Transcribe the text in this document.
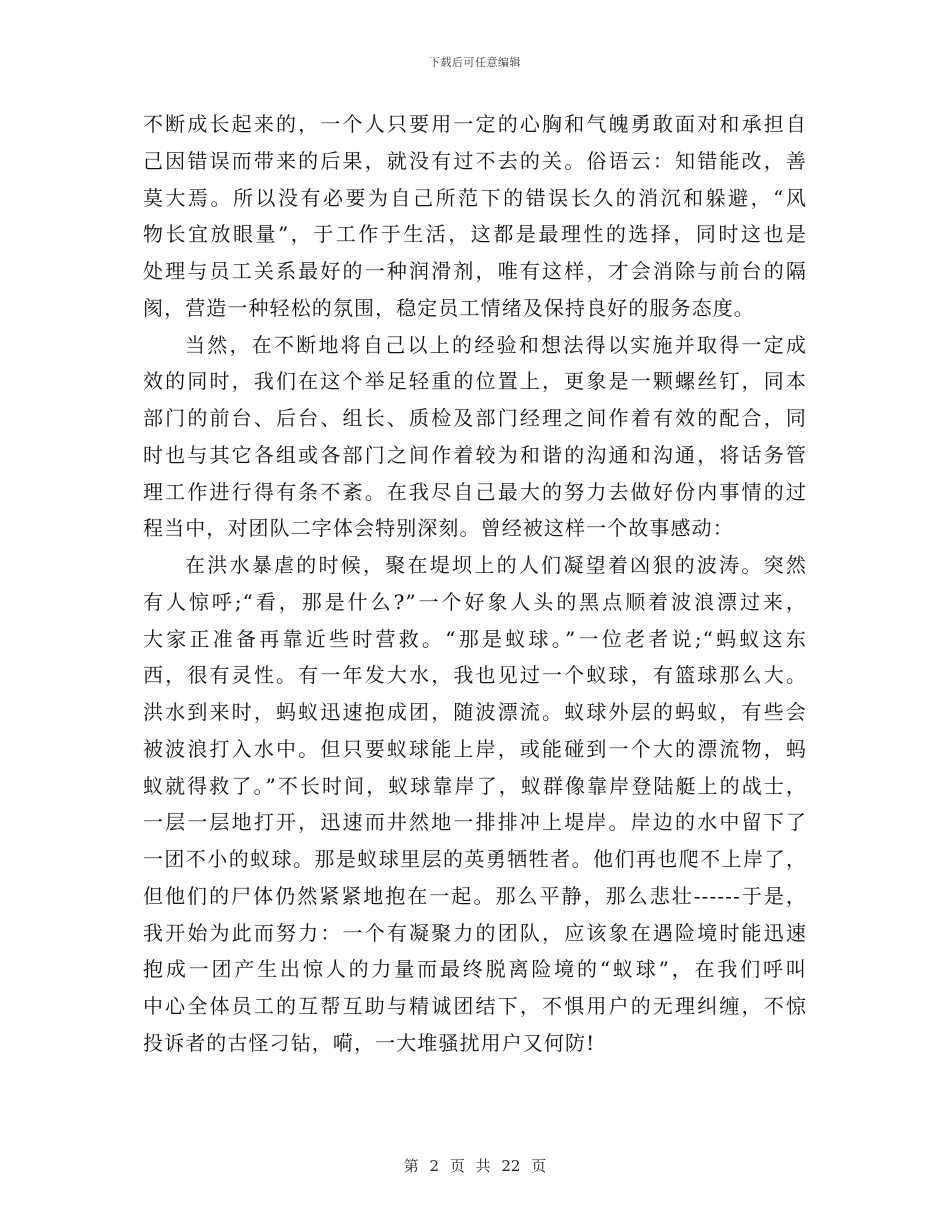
下载后可任意编辑
不断成长起来的，一个人只要用一定的心胸和气魄勇敢面对和承担自
己因错误而带来的后果，就没有过不去的关。俗语云：知错能改，善
莫大焉。所以没有必要为自己所范下的错误长久的消沉和躲避，“风
物长宜放眼量”，于工作于生活，这都是最理性的选择，同时这也是
处理与员工关系最好的一种润滑剂，唯有这样，才会消除与前台的隔
阂，营造一种轻松的氛围，稳定员工情绪及保持良好的服务态度。
当然，在不断地将自己以上的经验和想法得以实施并取得一定成
效的同时，我们在这个举足轻重的位置上，更象是一颗螺丝钉，同本
部门的前台、后台、组长、质检及部门经理之间作着有效的配合，同
时也与其它各组或各部门之间作着较为和谐的沟通和沟通，将话务管
理工作进行得有条不紊。在我尽自己最大的努力去做好份内事情的过
程当中，对团队二字体会特别深刻。曾经被这样一个故事感动：
在洪水暴虐的时候，聚在堤坝上的人们凝望着凶狠的波涛。突然
有人惊呼;“看，那是什么?”一个好象人头的黑点顺着波浪漂过来，
大家正准备再靠近些时营救。“那是蚁球。”一位老者说;“蚂蚁这东
西，很有灵性。有一年发大水，我也见过一个蚁球，有篮球那么大。
洪水到来时，蚂蚁迅速抱成团，随波漂流。蚁球外层的蚂蚁，有些会
被波浪打入水中。但只要蚁球能上岸，或能碰到一个大的漂流物，蚂
蚁就得救了。”不长时间，蚁球靠岸了，蚁群像靠岸登陆艇上的战士，
一层一层地打开，迅速而井然地一排排冲上堤岸。岸边的水中留下了
一团不小的蚁球。那是蚁球里层的英勇牺牲者。他们再也爬不上岸了，
但他们的尸体仍然紧紧地抱在一起。那么平静，那么悲壮------于是，
我开始为此而努力：一个有凝聚力的团队，应该象在遇险境时能迅速
抱成一团产生出惊人的力量而最终脱离险境的“蚁球”，在我们呼叫
中心全体员工的互帮互助与精诚团结下，不惧用户的无理纠缠，不惊
投诉者的古怪刁钻，嗬，一大堆骚扰用户又何防!
第 2 页 共 22 页
